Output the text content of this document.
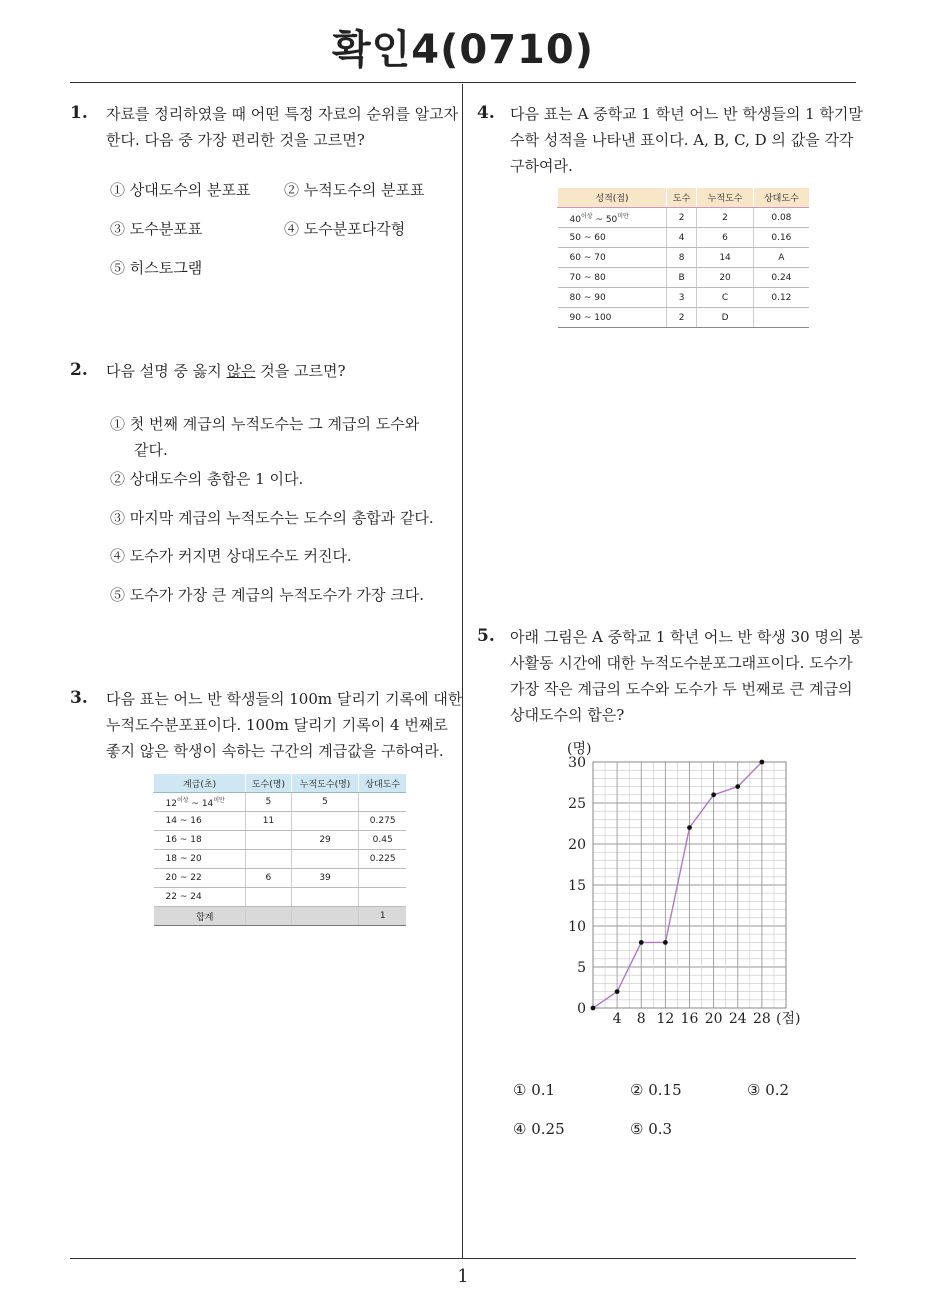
확인4(0710)
1
1. 자료를 정리하였을 때 어떤 특정 자료의 순위를 알고자
한다. 다음 중 가장 편리한 것을 고르면?
① 상대도수의 분포표 ② 누적도수의 분포표
③ 도수분포표	④ 도수분포다각형
⑤ 히스토그램
2. 다음 설명 중 옳지 않은 것을 고르면?
① 첫 번째 계급의 누적도수는 그 계급의 도수와
같다.
② 상대도수의 총합은 1 이다.
③ 마지막 계급의 누적도수는 도수의 총합과 같다.
④ 도수가 커지면 상대도수도 커진다.
⑤ 도수가 가장 큰 계급의 누적도수가 가장 크다.
3. 다음 표는 어느 반 학생들의 100m 달리기 기록에 대한
누적도수분포표이다. 100m 달리기 기록이 4 번째로
좋지 않은 학생이 속하는 구간의 계급값을 구하여라.
계급(초)	도수(명)	누적도수(명)	상대도수
$12^{이상}$ ~ $14^{미만}$	5	5	
14 ~ 16	11		0.275
16 ~ 18		29	0.45
18 ~ 20			0.225
20 ~ 22	6	39	
22 ~ 24			
합계			1
4. 다음 표는 A 중학교 1 학년 어느 반 학생들의 1 학기말
수학 성적을 나타낸 표이다. A, B, C, D 의 값을 각각
구하여라.
성적(점)	도수	누적도수	상대도수
$40^{이상}$ ~ $50^{미만}$	2	2	0.08
50 ~ 60	4	6	0.16
60 ~ 70	8	14	A
70 ~ 80	B	20	0.24
80 ~ 90	3	C	0.12
90 ~ 100	2	D	
5. 아래 그림은 A 중학교 1 학년 어느 반 학생 30 명의 봉
사활동 시간에 대한 누적도수분포그래프이다. 도수가
가장 작은 계급의 도수와 도수가 두 번째로 큰 계급의
상대도수의 합은?
4 8 12 16 20 24 28
0
5
10
15
20
25
30
(명)
(점)
① 0.1	② 0.15	③ 0.2
④ 0.25	⑤ 0.3
